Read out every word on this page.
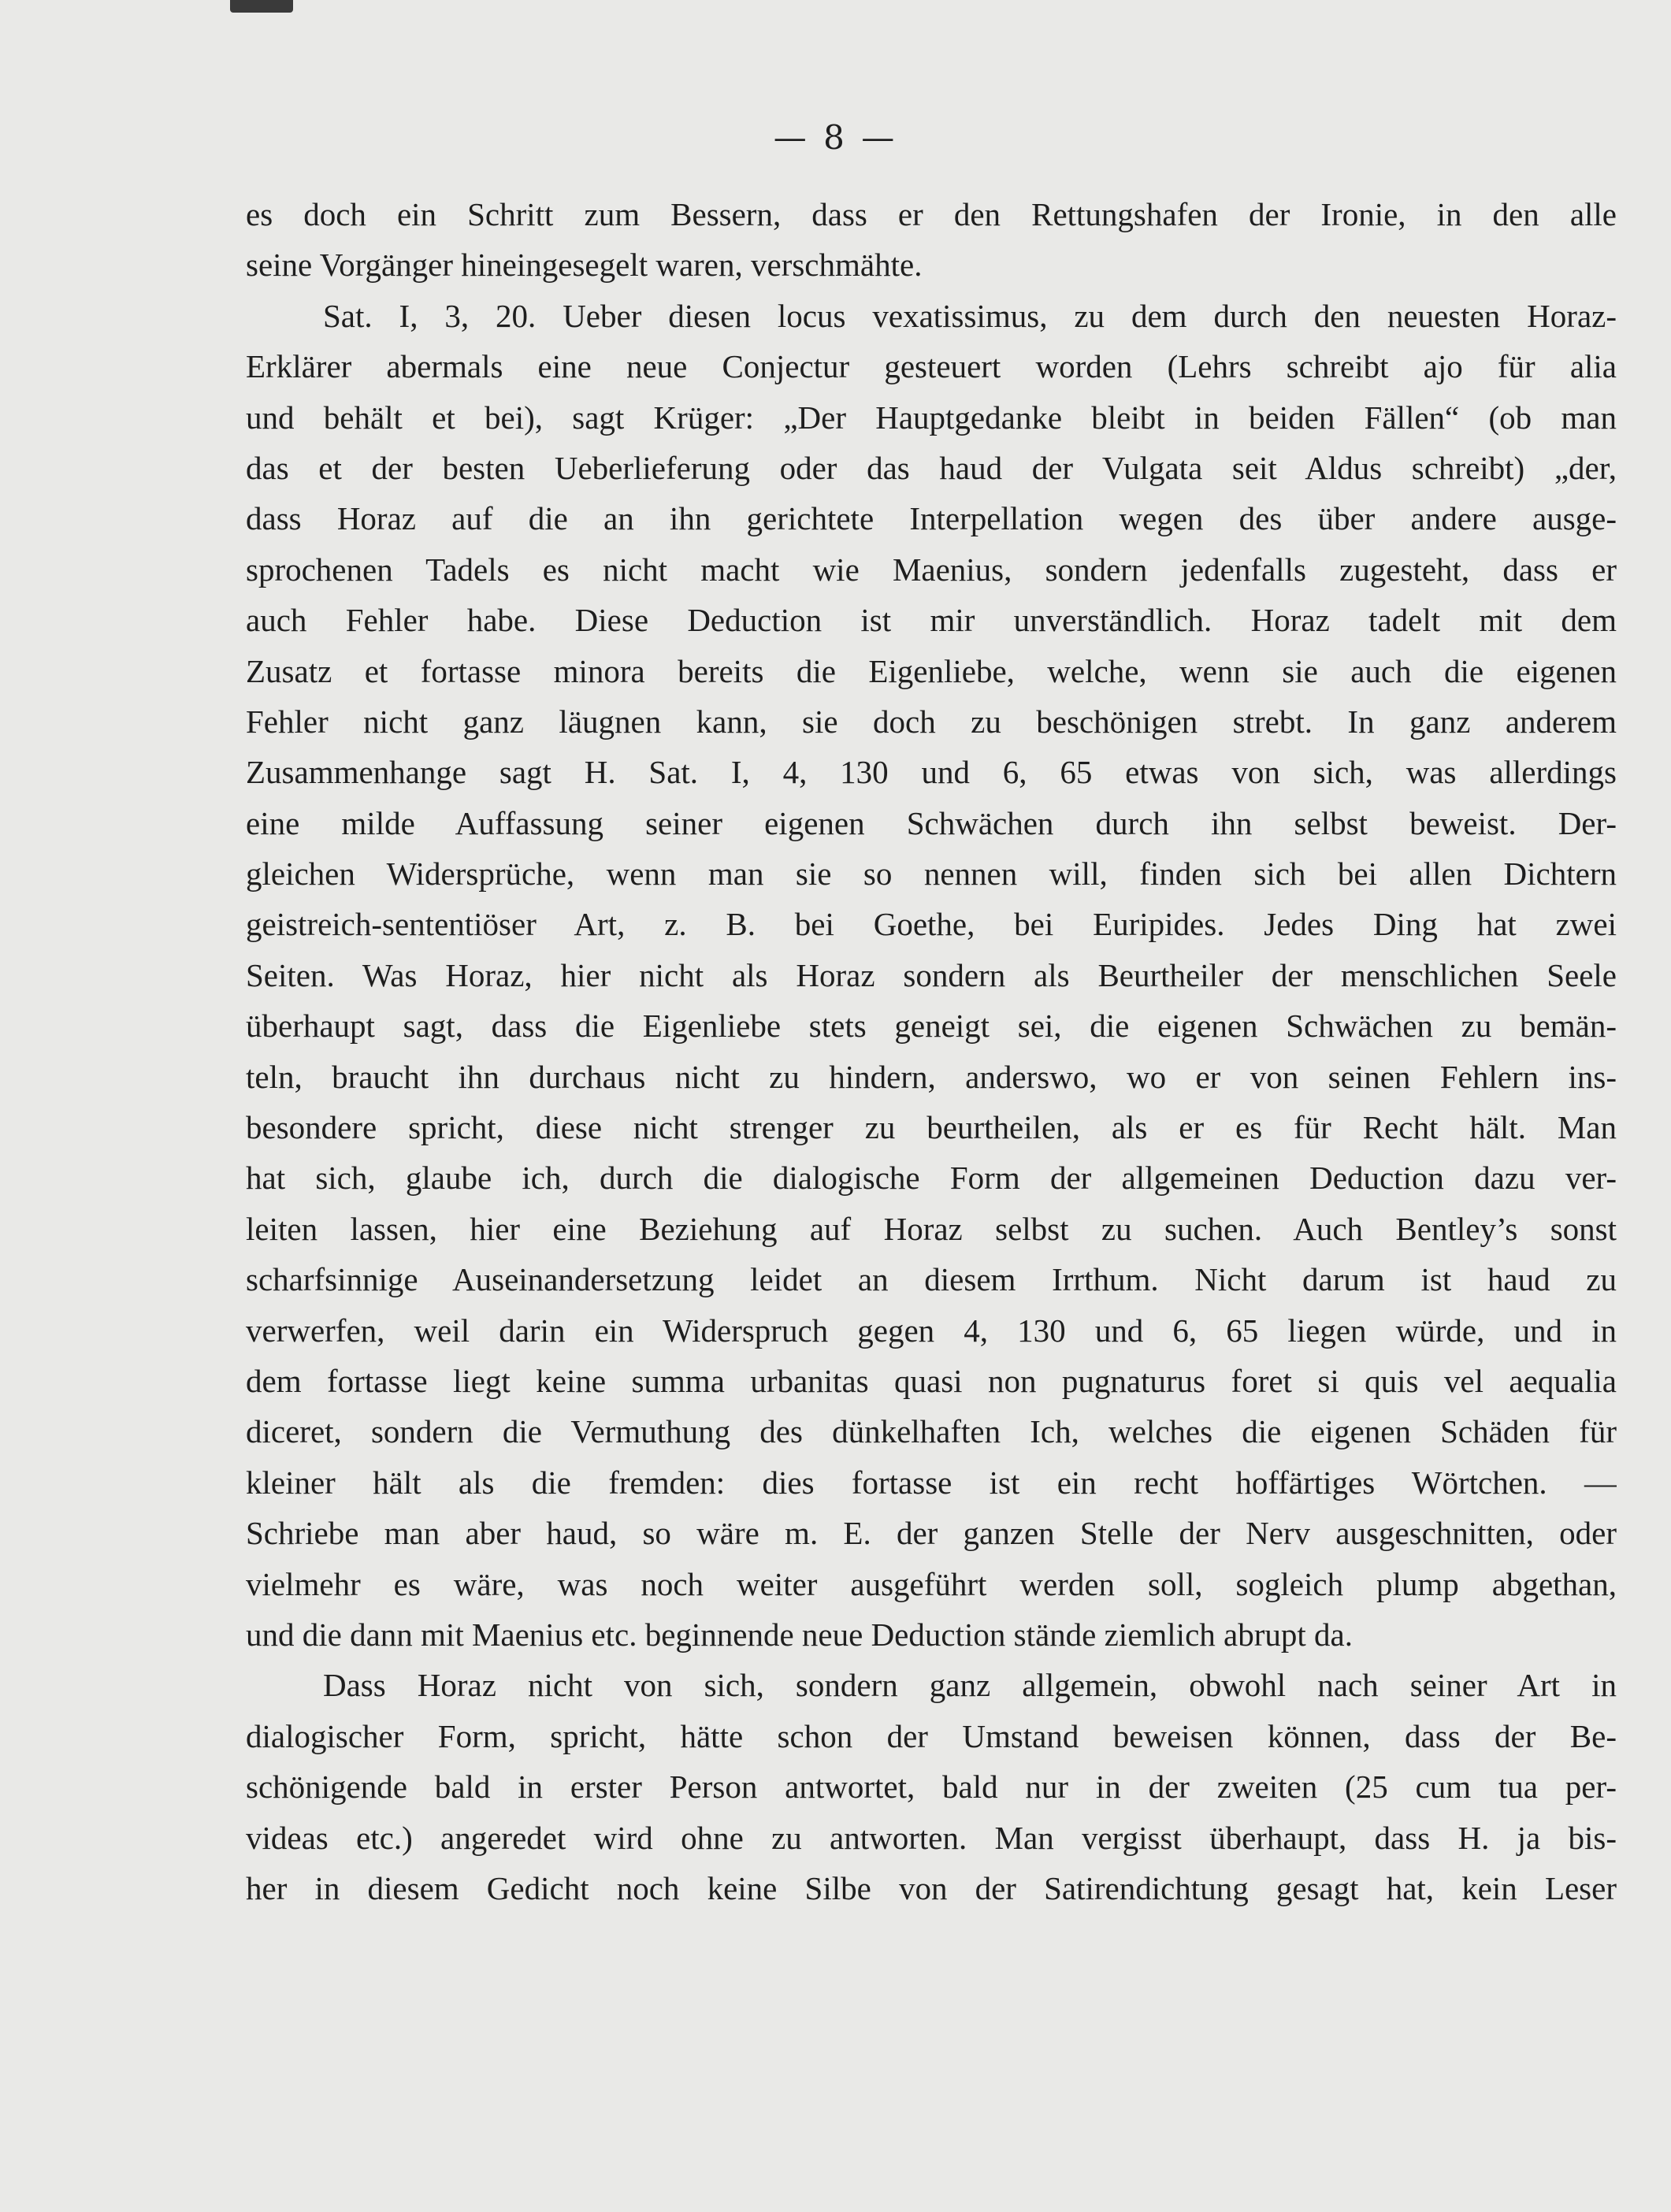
— 8 —
es doch ein Schritt zum Bessern, dass er den Rettungshafen der Ironie, in den alle
seine Vorgänger hineingesegelt waren, verschmähte.
Sat. I, 3, 20. Ueber diesen locus vexatissimus, zu dem durch den neuesten Horaz-
Erklärer abermals eine neue Conjectur gesteuert worden (Lehrs schreibt ajo für alia
und behält et bei), sagt Krüger: „Der Hauptgedanke bleibt in beiden Fällen“ (ob man
das et der besten Ueberlieferung oder das haud der Vulgata seit Aldus schreibt) „der,
dass Horaz auf die an ihn gerichtete Interpellation wegen des über andere ausge-
sprochenen Tadels es nicht macht wie Maenius, sondern jedenfalls zugesteht, dass er
auch Fehler habe. Diese Deduction ist mir unverständlich. Horaz tadelt mit dem
Zusatz et fortasse minora bereits die Eigenliebe, welche, wenn sie auch die eigenen
Fehler nicht ganz läugnen kann, sie doch zu beschönigen strebt. In ganz anderem
Zusammenhange sagt H. Sat. I, 4, 130 und 6, 65 etwas von sich, was allerdings
eine milde Auffassung seiner eigenen Schwächen durch ihn selbst beweist. Der-
gleichen Widersprüche, wenn man sie so nennen will, finden sich bei allen Dichtern
geistreich-sententiöser Art, z. B. bei Goethe, bei Euripides. Jedes Ding hat zwei
Seiten. Was Horaz, hier nicht als Horaz sondern als Beurtheiler der menschlichen Seele
überhaupt sagt, dass die Eigenliebe stets geneigt sei, die eigenen Schwächen zu bemän-
teln, braucht ihn durchaus nicht zu hindern, anderswo, wo er von seinen Fehlern ins-
besondere spricht, diese nicht strenger zu beurtheilen, als er es für Recht hält. Man
hat sich, glaube ich, durch die dialogische Form der allgemeinen Deduction dazu ver-
leiten lassen, hier eine Beziehung auf Horaz selbst zu suchen. Auch Bentley’s sonst
scharfsinnige Auseinandersetzung leidet an diesem Irrthum. Nicht darum ist haud zu
verwerfen, weil darin ein Widerspruch gegen 4, 130 und 6, 65 liegen würde, und in
dem fortasse liegt keine summa urbanitas quasi non pugnaturus foret si quis vel aequalia
diceret, sondern die Vermuthung des dünkelhaften Ich, welches die eigenen Schäden für
kleiner hält als die fremden: dies fortasse ist ein recht hoffärtiges Wörtchen. —
Schriebe man aber haud, so wäre m. E. der ganzen Stelle der Nerv ausgeschnitten, oder
vielmehr es wäre, was noch weiter ausgeführt werden soll, sogleich plump abgethan,
und die dann mit Maenius etc. beginnende neue Deduction stände ziemlich abrupt da.
Dass Horaz nicht von sich, sondern ganz allgemein, obwohl nach seiner Art in
dialogischer Form, spricht, hätte schon der Umstand beweisen können, dass der Be-
schönigende bald in erster Person antwortet, bald nur in der zweiten (25 cum tua per-
videas etc.) angeredet wird ohne zu antworten. Man vergisst überhaupt, dass H. ja bis-
her in diesem Gedicht noch keine Silbe von der Satirendichtung gesagt hat, kein Leser
